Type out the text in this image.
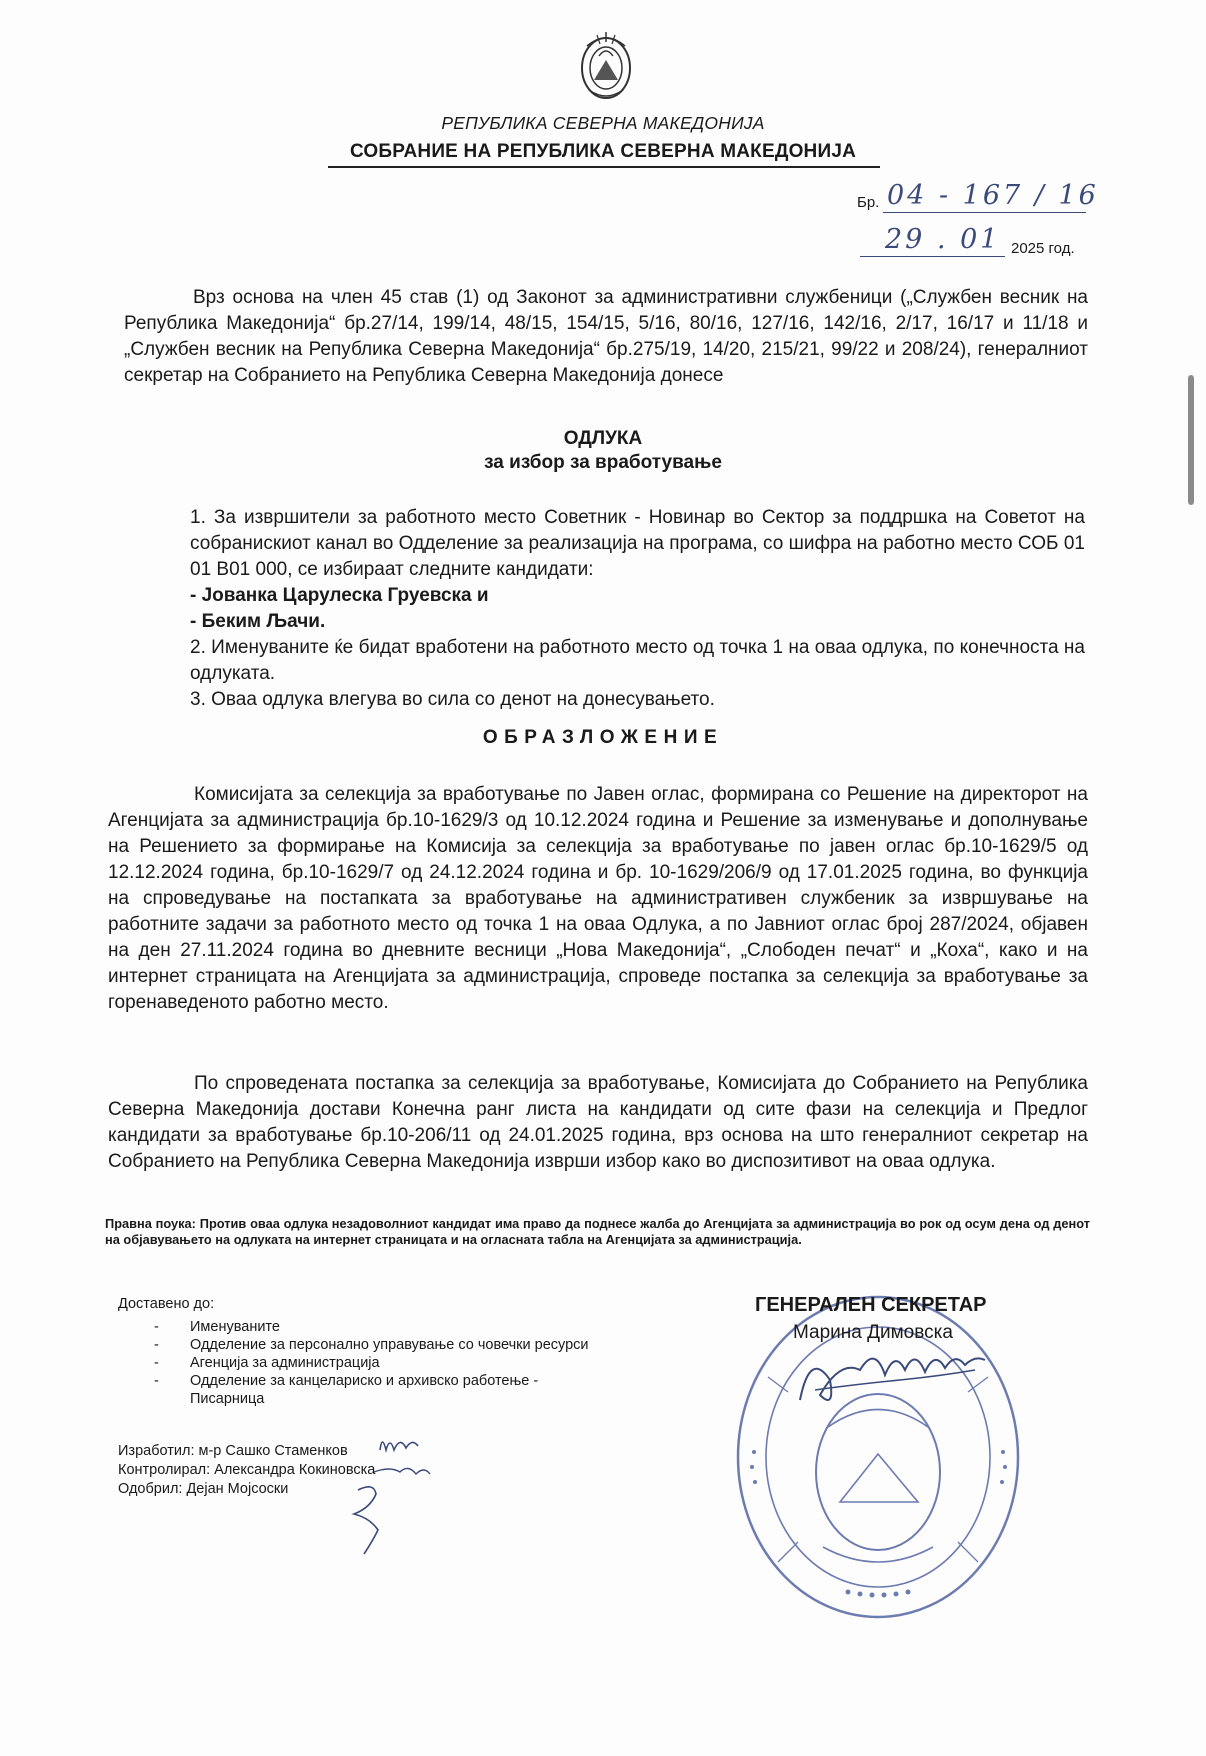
РЕПУБЛИКА СЕВЕРНА МАКЕДОНИЈА
СОБРАНИЕ НА РЕПУБЛИКА СЕВЕРНА МАКЕДОНИЈА
Бр. 04 - 167 / 16
29 . 01 2025 год.
Врз основа на член 45 став (1) од Законот за административни службеници („Службен весник на Република Македонија“ бр.27/14, 199/14, 48/15, 154/15, 5/16, 80/16, 127/16, 142/16, 2/17, 16/17 и 11/18 и „Службен весник на Република Северна Македонија“ бр.275/19, 14/20, 215/21, 99/22 и 208/24), генералниот секретар на Собранието на Република Северна Македонија донесе
ОДЛУКА
за избор за вработување

1. За извршители за работното место Советник - Новинар во Сектор за поддршка на Советот на собранискиот канал во Одделение за реализација на програма, со шифра на работно место СОБ 01 01 В01 000, се избираат следните кандидати:

- Јованка Царулеска Груевска и

- Беким Љачи.

2. Именуваните ќе бидат вработени на работното место од точка 1 на оваа одлука, по конечноста на одлуката.

3. Оваа одлука влегува во сила со денот на донесувањето.

ОБРАЗЛОЖЕНИЕ
Комисијата за селекција за вработување по Јавен оглас, формирана со Решение на директорот на Агенцијата за администрација бр.10-1629/3 од 10.12.2024 година и Решение за изменување и дополнување на Решението за формирање на Комисија за селекција за вработување по јавен оглас бр.10-1629/5 од 12.12.2024 година, бр.10-1629/7 од 24.12.2024 година и бр. 10-1629/206/9 од 17.01.2025 година, во функција на спроведување на постапката за вработување на административен службеник за извршување на работните задачи за работното место од точка 1 на оваа Одлука, а по Јавниот оглас број 287/2024, објавен на ден 27.11.2024 година во дневните весници „Нова Македонија“, „Слободен печат“ и „Коха“, како и на интернет страницата на Агенцијата за администрација, спроведе постапка за селекција за вработување за горенаведеното работно место.
По спроведената постапка за селекција за вработување, Комисијата до Собранието на Република Северна Македонија достави Конечна ранг листа на кандидати од сите фази на селекција и Предлог кандидати за вработување бр.10-206/11 од 24.01.2025 година, врз основа на што генералниот секретар на Собранието на Република Северна Македонија изврши избор како во диспозитивот на оваа одлука.
Правна поука: Против оваа одлука незадоволниот кандидат има право да поднесе жалба до Агенцијата за администрација во рок од осум дена од денот на објавувањето на одлуката на интернет страницата и на огласната табла на Агенцијата за администрација.
Доставено до:
- Именуваните
- Одделение за персонално управување со човечки ресурси
- Агенција за администрација
- Одделение за канцелариско и архивско работење - Писарница
Изработил: м-р Сашко Стаменков
Контролирал: Александра Кокиновска
Одобрил: Дејан Мојсоски
ГЕНЕРАЛЕН СЕКРЕТАР
Марина Димовска
